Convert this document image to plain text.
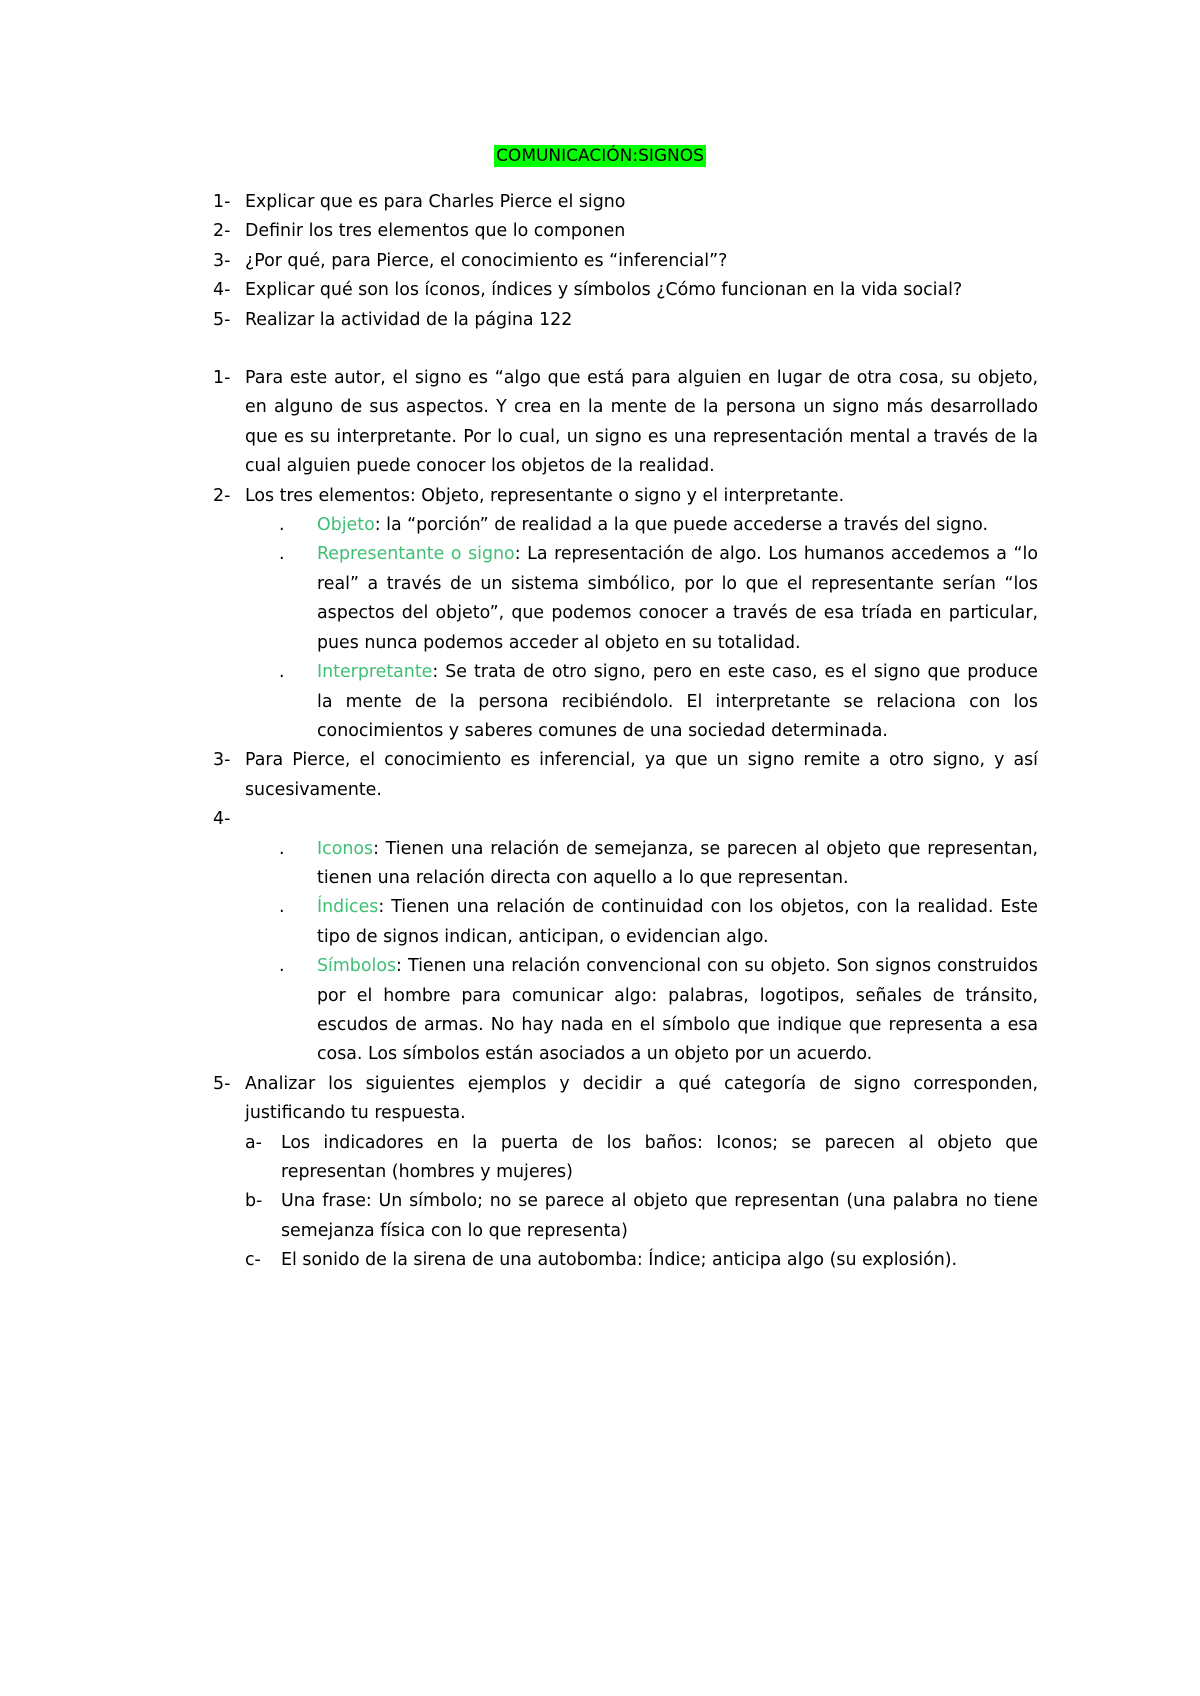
COMUNICACIÓN:SIGNOS
1- Explicar que es para Charles Pierce el signo
2- Definir los tres elementos que lo componen
3- ¿Por qué, para Pierce, el conocimiento es “inferencial”?
4- Explicar qué son los íconos, índices y símbolos ¿Cómo funcionan en la vida social?
5- Realizar la actividad de la página 122
1- Para este autor, el signo es “algo que está para alguien en lugar de otra cosa, su objeto, en alguno de sus aspectos. Y crea en la mente de la persona un signo más desarrollado que es su interpretante. Por lo cual, un signo es una representación mental a través de la cual alguien puede conocer los objetos de la realidad.
2- Los tres elementos: Objeto, representante o signo y el interpretante.
. Objeto: la “porción” de realidad a la que puede accederse a través del signo.
. Representante o signo: La representación de algo. Los humanos accedemos a “lo real” a través de un sistema simbólico, por lo que el representante serían “los aspectos del objeto”, que podemos conocer a través de esa tríada en particular, pues nunca podemos acceder al objeto en su totalidad.
. Interpretante: Se trata de otro signo, pero en este caso, es el signo que produce la mente de la persona recibiéndolo. El interpretante se relaciona con los conocimientos y saberes comunes de una sociedad determinada.
3- Para Pierce, el conocimiento es inferencial, ya que un signo remite a otro signo, y así sucesivamente.
4-

. Iconos: Tienen una relación de semejanza, se parecen al objeto que representan, tienen una relación directa con aquello a lo que representan.
. Índices: Tienen una relación de continuidad con los objetos, con la realidad. Este tipo de signos indican, anticipan, o evidencian algo.
. Símbolos: Tienen una relación convencional con su objeto. Son signos construidos por el hombre para comunicar algo: palabras, logotipos, señales de tránsito, escudos de armas. No hay nada en el símbolo que indique que representa a esa cosa. Los símbolos están asociados a un objeto por un acuerdo.
5- Analizar los siguientes ejemplos y decidir a qué categoría de signo corresponden, justificando tu respuesta.
a- Los indicadores en la puerta de los baños: Iconos; se parecen al objeto que representan (hombres y mujeres)
b- Una frase: Un símbolo; no se parece al objeto que representan (una palabra no tiene semejanza física con lo que representa)
c- El sonido de la sirena de una autobomba: Índice; anticipa algo (su explosión).
